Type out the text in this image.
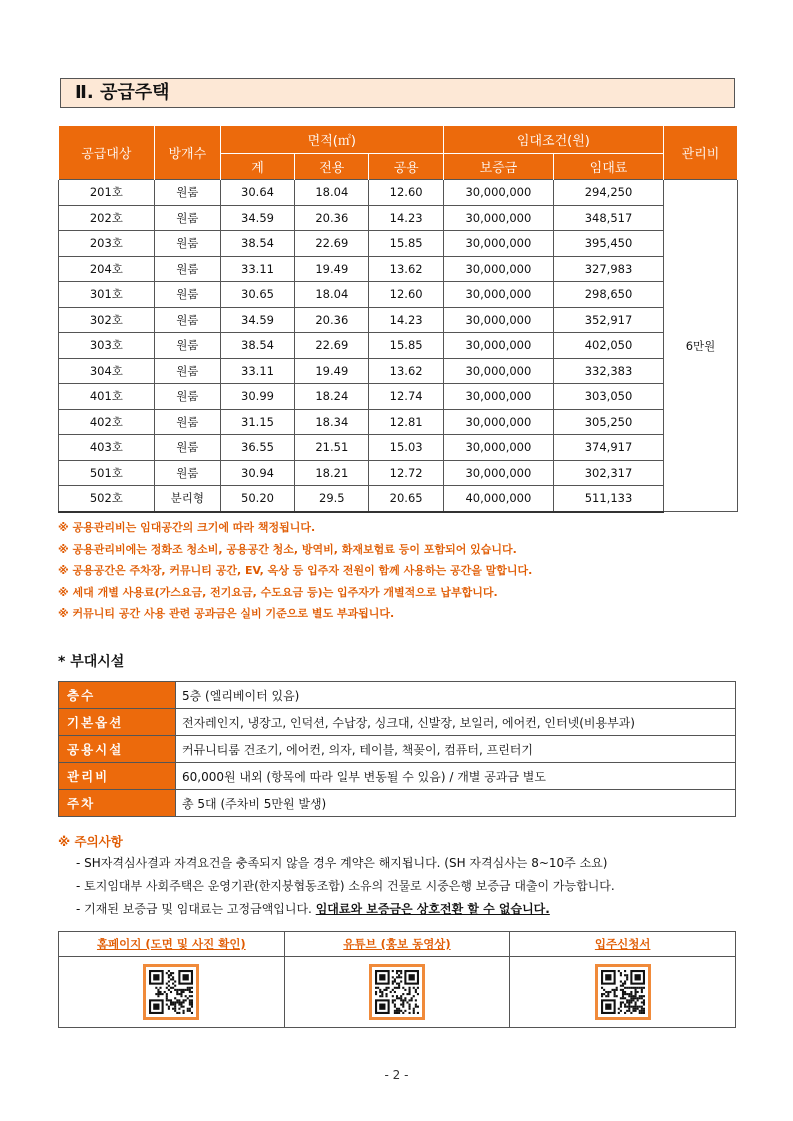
Ⅱ. 공급주택
공급대상	방개수	면적(㎡)			임대조건(원)		관리비
		계	전용	공용	보증금	임대료	
201호	원룸	30.64	18.04	12.60	30,000,000	294,250	6만원
202호	원룸	34.59	20.36	14.23	30,000,000	348,517	
203호	원룸	38.54	22.69	15.85	30,000,000	395,450	
204호	원룸	33.11	19.49	13.62	30,000,000	327,983	
301호	원룸	30.65	18.04	12.60	30,000,000	298,650	
302호	원룸	34.59	20.36	14.23	30,000,000	352,917	
303호	원룸	38.54	22.69	15.85	30,000,000	402,050	
304호	원룸	33.11	19.49	13.62	30,000,000	332,383	
401호	원룸	30.99	18.24	12.74	30,000,000	303,050	
402호	원룸	31.15	18.34	12.81	30,000,000	305,250	
403호	원룸	36.55	21.51	15.03	30,000,000	374,917	
501호	원룸	30.94	18.21	12.72	30,000,000	302,317	
502호	분리형	50.20	29.5	20.65	40,000,000	511,133	
※ 공용관리비는 임대공간의 크기에 따라 책정됩니다.
※ 공용관리비에는 정화조 청소비, 공용공간 청소, 방역비, 화재보험료 등이 포함되어 있습니다.
※ 공용공간은 주차장, 커뮤니티 공간, EV, 옥상 등 입주자 전원이 함께 사용하는 공간을 말합니다.
※ 세대 개별 사용료(가스요금, 전기요금, 수도요금 등)는 입주자가 개별적으로 납부합니다.
※ 커뮤니티 공간 사용 관련 공과금은 실비 기준으로 별도 부과됩니다.
* 부대시설
층수	5층 (엘리베이터 있음)
기본옵션	전자레인지, 냉장고, 인덕션, 수납장, 싱크대, 신발장, 보일러, 에어컨, 인터넷(비용부과)
공용시설	커뮤니티룸 건조기, 에어컨, 의자, 테이블, 책꽂이, 컴퓨터, 프린터기
관리비	60,000원 내외 (항목에 따라 일부 변동될 수 있음) / 개별 공과금 별도
주차	총 5대 (주차비 5만원 발생)
※ 주의사항
- SH자격심사결과 자격요건을 충족되지 않을 경우 계약은 해지됩니다. (SH 자격심사는 8~10주 소요)
- 토지임대부 사회주택은 운영기관(한지붕협동조합) 소유의 건물로 시중은행 보증금 대출이 가능합니다.
- 기재된 보증금 및 임대료는 고정금액입니다. 임대료와 보증금은 상호전환 할 수 없습니다.
홈페이지 (도면 및 사진 확인)	유튜브 (홍보 동영상)	입주신청서

- 2 -
